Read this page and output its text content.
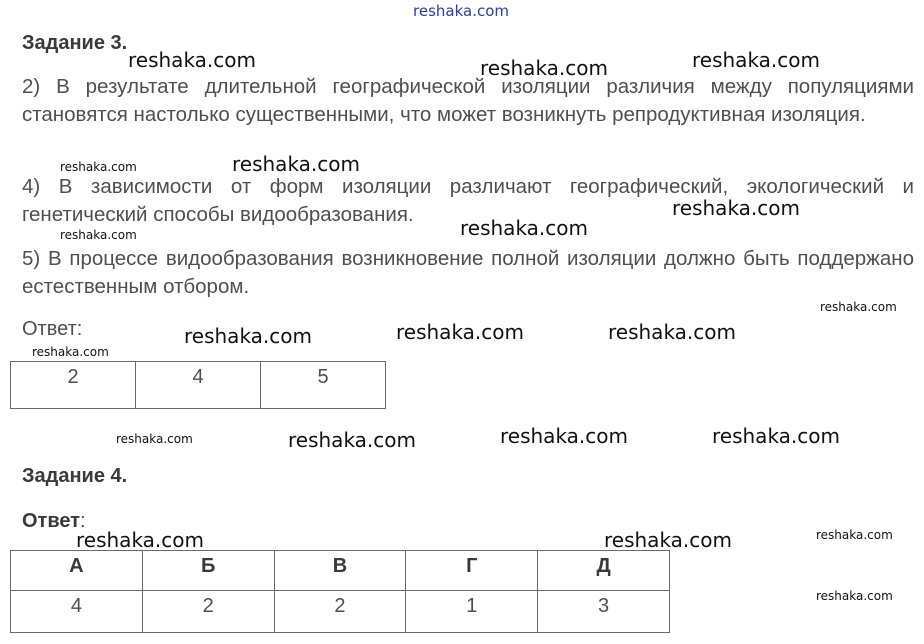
reshaka.com
reshaka.com	reshaka.com	reshaka.com
reshaka.com	reshaka.com
reshaka.com
reshaka.com	reshaka.com
reshaka.com
reshaka.com	reshaka.com	reshaka.com
reshaka.com
reshaka.com	reshaka.com	reshaka.com	reshaka.com
reshaka.com	reshaka.com	reshaka.com
reshaka.com
Задание 3.

2) В результате длительной географической изоляции различия между популяциями становятся настолько существенными, что может возникнуть репродуктивная изоляция.

4) В зависимости от форм изоляции различают географический, экологический и генетический способы видообразования.

5) В процессе видообразования возникновение полной изоляции должно быть поддержано естественным отбором.

Ответ:

2	4	5
Задание 4.

Ответ:

А	Б	В	Г	Д
4	2	2	1	3
